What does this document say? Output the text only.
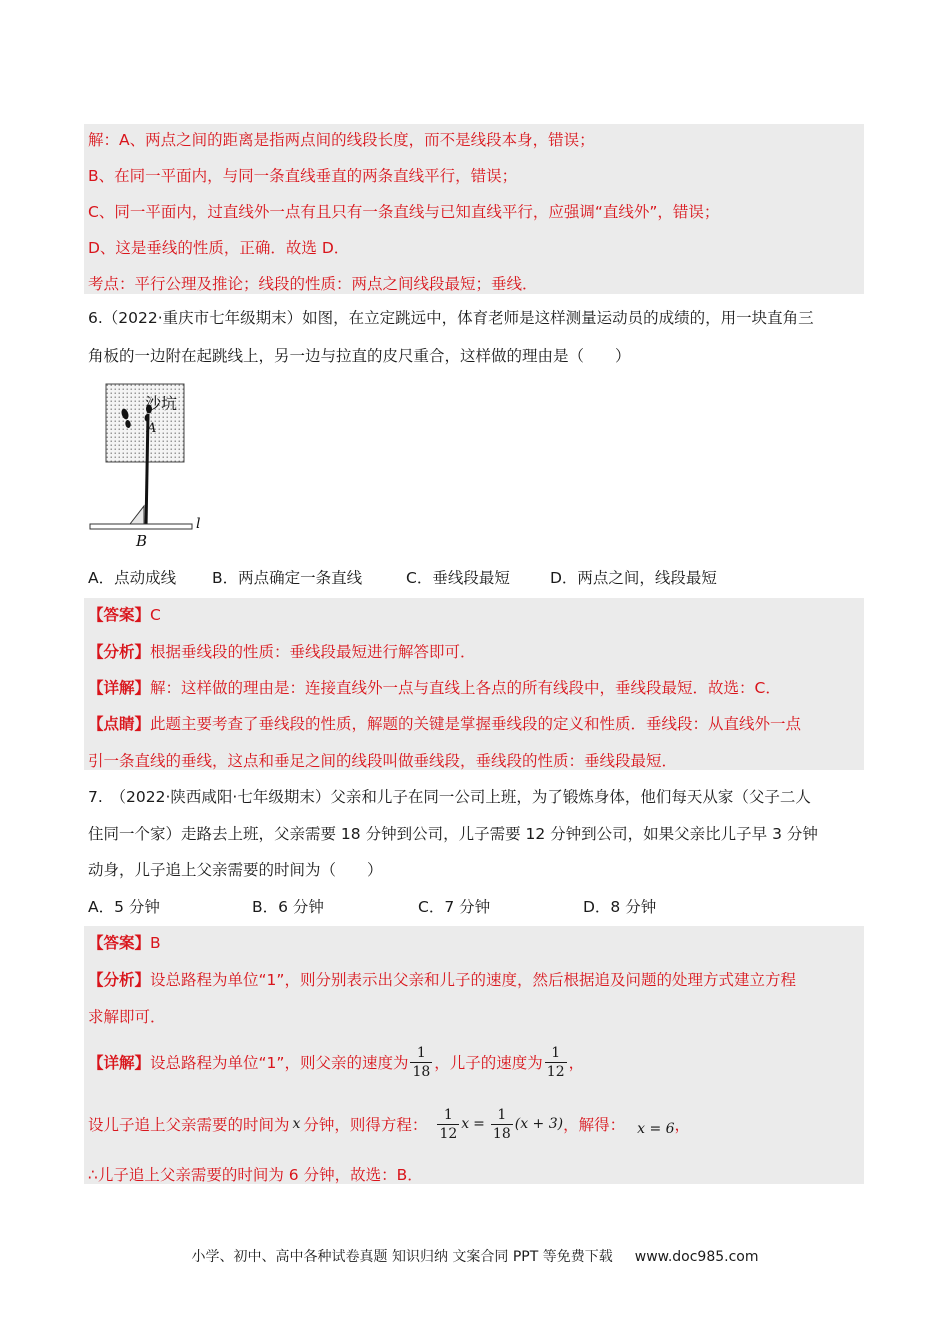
解：A、两点之间的距离是指两点间的线段长度，而不是线段本身，错误；
B、在同一平面内，与同一条直线垂直的两条直线平行，错误；
C、同一平面内，过直线外一点有且只有一条直线与已知直线平行，应强调“直线外”，错误；
D、这是垂线的性质，正确．故选 D．
考点：平行公理及推论；线段的性质：两点之间线段最短；垂线．
6.（2022·重庆市七年级期末）如图，在立定跳远中，体育老师是这样测量运动员的成绩的，用一块直角三
角板的一边附在起跳线上，另一边与拉直的皮尺重合，这样做的理由是（　　）
沙坑
A
B
l
A．点动成线 B．两点确定一条直线	C．垂线段最短	D．两点之间，线段最短
【答案】C
【分析】根据垂线段的性质：垂线段最短进行解答即可．
【详解】解：这样做的理由是：连接直线外一点与直线上各点的所有线段中，垂线段最短．故选：C．
【点睛】此题主要考查了垂线段的性质，解题的关键是掌握垂线段的定义和性质．垂线段：从直线外一点
引一条直线的垂线，这点和垂足之间的线段叫做垂线段，垂线段的性质：垂线段最短．
7.　（2022·陕西咸阳·七年级期末）父亲和儿子在同一公司上班，为了锻炼身体，他们每天从家（父子二人
住同一个家）走路去上班，父亲需要 18 分钟到公司，儿子需要 12 分钟到公司，如果父亲比儿子早 3 分钟
动身，儿子追上父亲需要的时间为（　　）
A．5 分钟	B．6 分钟	C．7 分钟	D．8 分钟
【答案】B
【分析】设总路程为单位“1”，则分别表示出父亲和儿子的速度，然后根据追及问题的处理方式建立方程
求解即可．
【详解】 设总路程为单位“1”，则父亲的速度为 $\frac{1}{18}$ ，儿子的速度为 $\frac{1}{12}$ ，
设儿子追上父亲需要的时间为 x 分钟，则得方程： $\frac{1}{12}$ $x = \frac{1}{18} (x + 3)$ ，解得： x = 6 ，
∴儿子追上父亲需要的时间为 6 分钟，故选：B．
小学、初中、高中各种试卷真题 知识归纳 文案合同 PPT 等免费下载 www.doc985.com
